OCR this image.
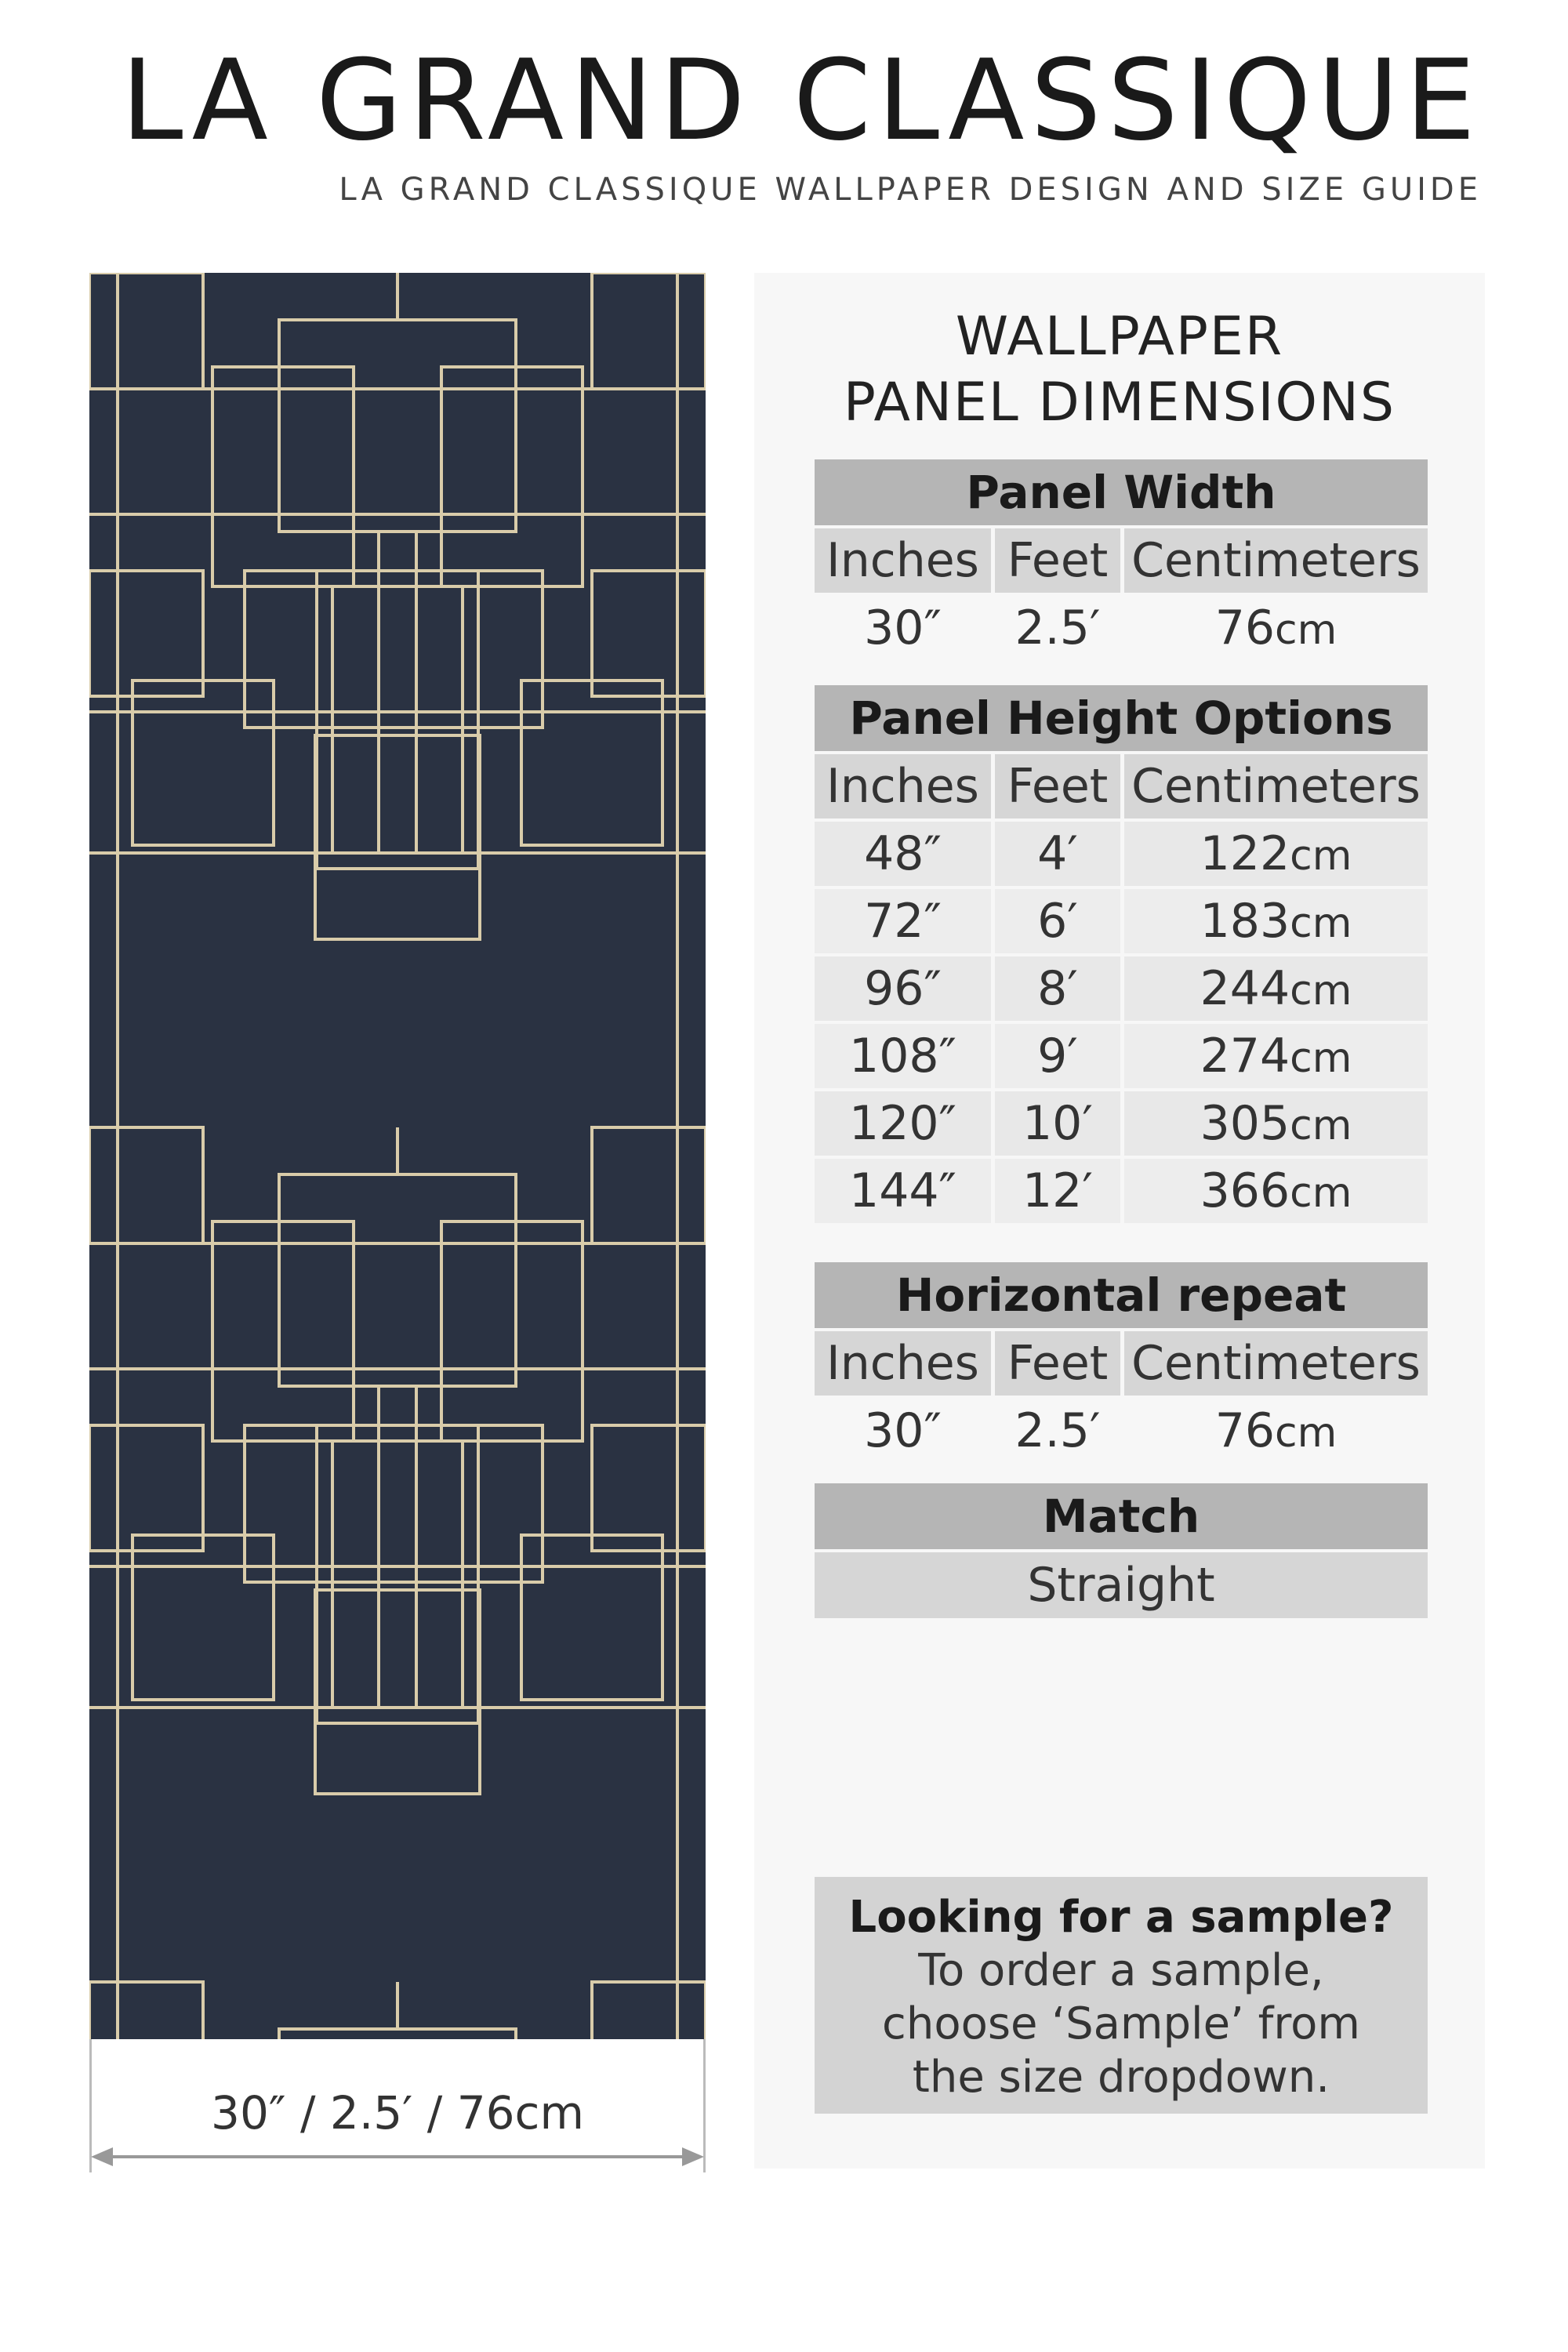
LA GRAND CLASSIQUE
LA GRAND CLASSIQUE WALLPAPER DESIGN AND SIZE GUIDE
30″ / 2.5′ / 76cm
WALLPAPER
PANEL DIMENSIONS
Panel Width
Inches Feet Centimeters
30″	2.5′	76cm
Panel Height Options
Inches Feet Centimeters
48″	4′	122cm
72″	6′	183cm
96″	8′	244cm
108″	9′	274cm
120″	10′	305cm
144″	12′	366cm
Horizontal repeat
Inches Feet Centimeters
30″	2.5′	76cm
Match
Straight
Looking for a sample?
To order a sample,
choose ‘Sample’ from
the size dropdown.
